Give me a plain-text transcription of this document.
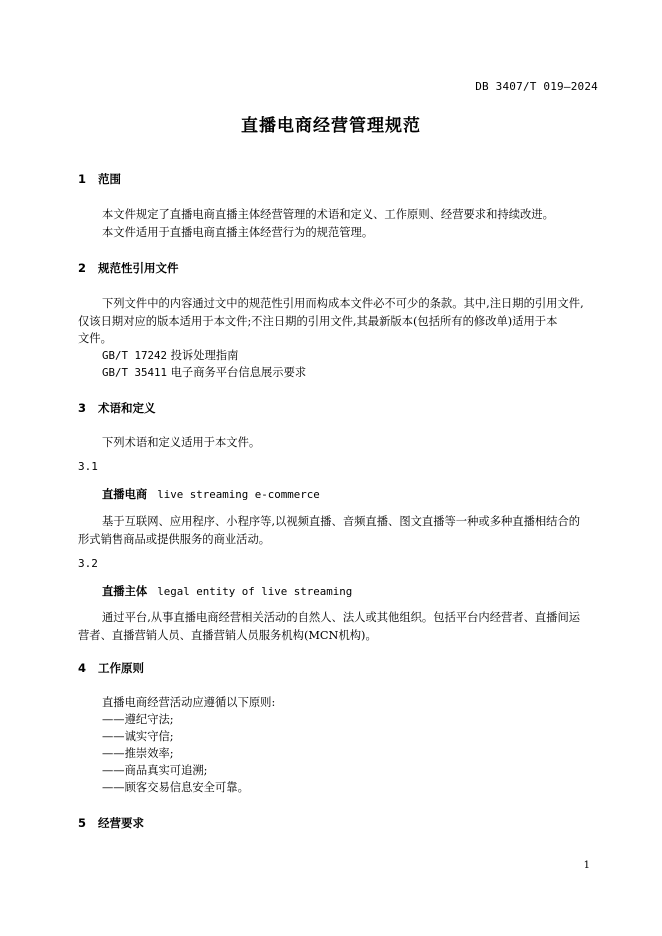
DB 3407/T 019—2024
直播电商经营管理规范
1 范围
本文件规定了直播电商直播主体经营管理的术语和定义、工作原则、经营要求和持续改进。
本文件适用于直播电商直播主体经营行为的规范管理。
2 规范性引用文件
下列文件中的内容通过文中的规范性引用而构成本文件必不可少的条款。其中,注日期的引用文件,
仅该日期对应的版本适用于本文件;不注日期的引用文件,其最新版本(包括所有的修改单)适用于本
文件。
GB/T 17242 投诉处理指南
GB/T 35411 电子商务平台信息展示要求
3 术语和定义
下列术语和定义适用于本文件。
3.1
直播电商 live streaming e-commerce
基于互联网、应用程序、小程序等,以视频直播、音频直播、图文直播等一种或多种直播相结合的
形式销售商品或提供服务的商业活动。
3.2
直播主体 legal entity of live streaming
通过平台,从事直播电商经营相关活动的自然人、法人或其他组织。包括平台内经营者、直播间运
营者、直播营销人员、直播营销人员服务机构(MCN机构)。
4 工作原则
直播电商经营活动应遵循以下原则:
——遵纪守法;
——诚实守信;
——推崇效率;
——商品真实可追溯;
——顾客交易信息安全可靠。
5 经营要求
1
